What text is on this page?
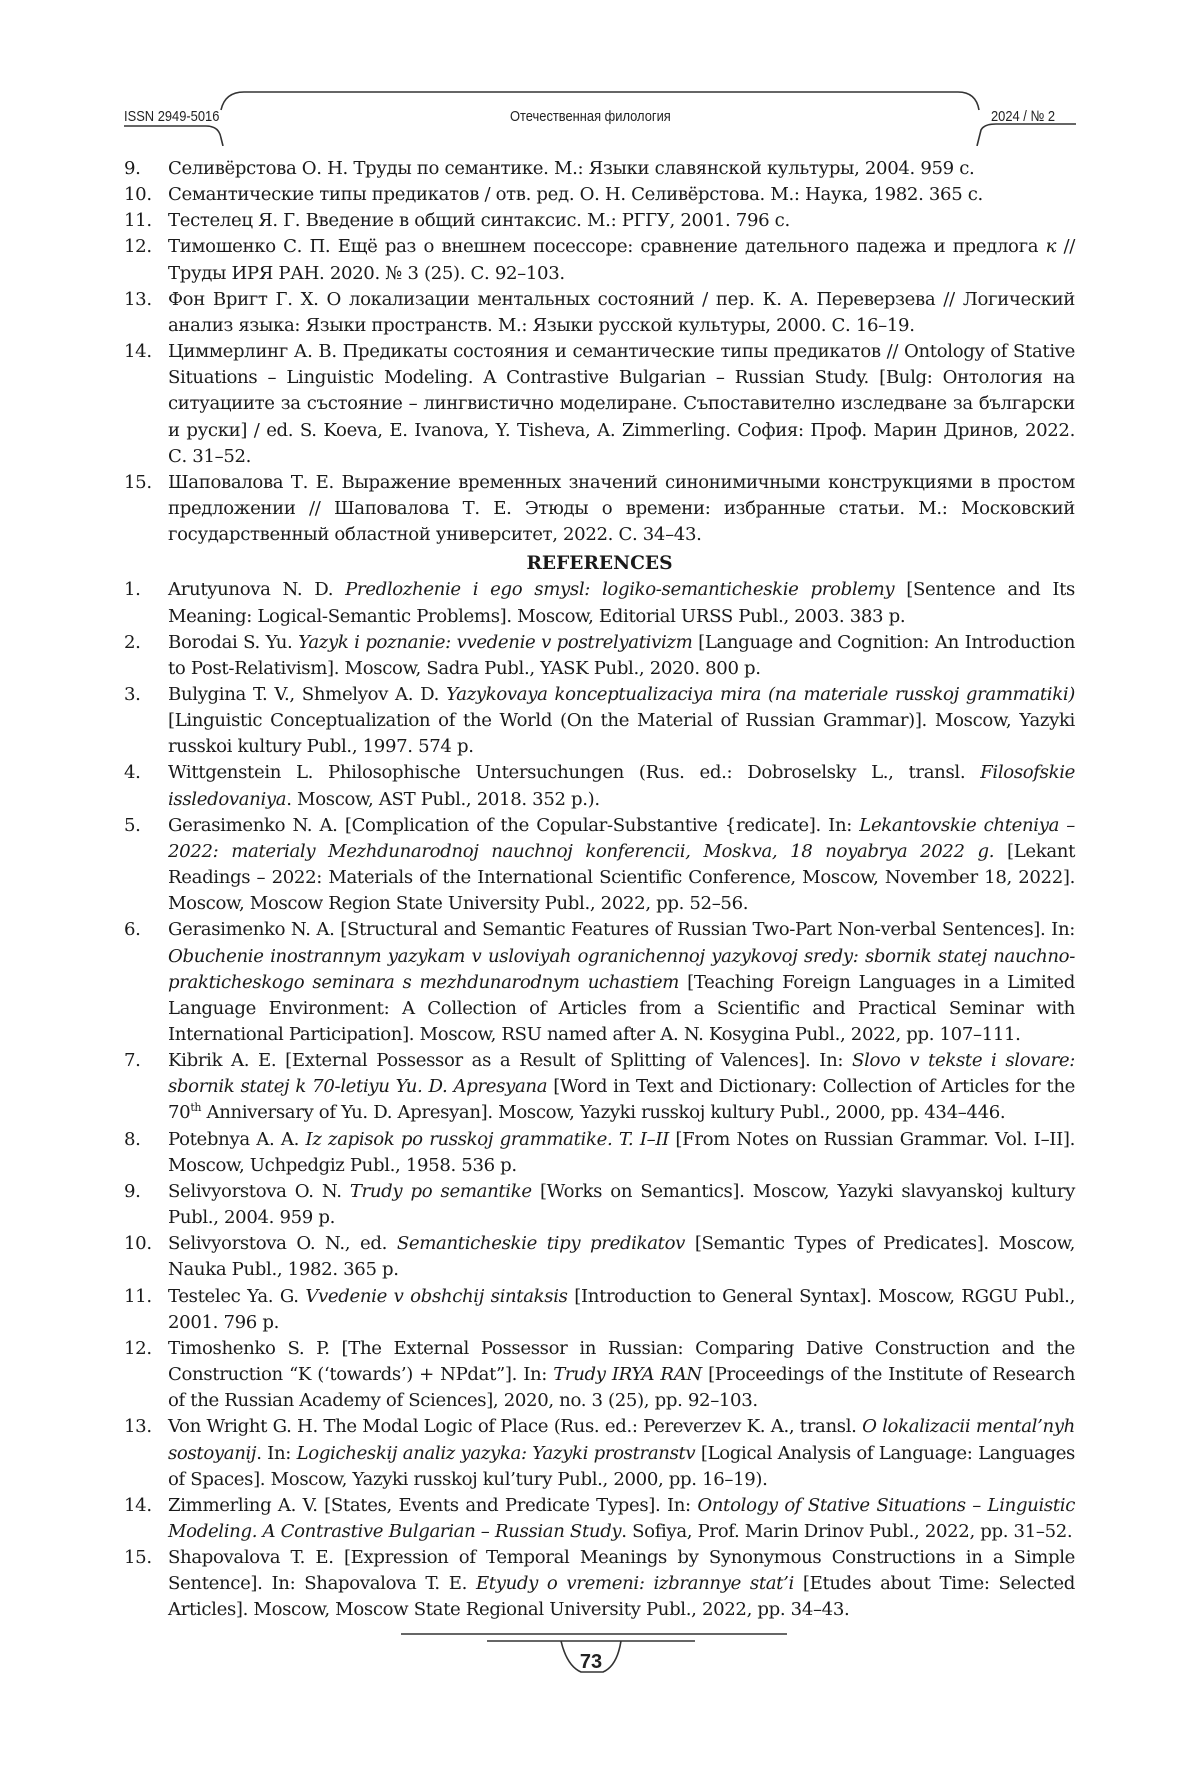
ISSN 2949-5016	Отечественная филология	2024 / № 2
9. Селивёрстова О. Н. Труды по семантике. М.: Языки славянской культуры, 2004. 959 с.
10. Семантические типы предикатов / отв. ред. О. Н. Селивёрстова. М.: Наука, 1982. 365 с.
11. Тестелец Я. Г. Введение в общий синтаксис. М.: РГГУ, 2001. 796 с.
12. Тимошенко С. П. Ещё раз о внешнем посессоре: сравнение дательного падежа и предлога к // Труды ИРЯ РАН. 2020. № 3 (25). С. 92–103.
13. Фон Вригт Г. Х. О локализации ментальных состояний / пер. К. А. Переверзева // Логический анализ языка: Языки пространств. М.: Языки русской культуры, 2000. С. 16–19.
14. Циммерлинг А. В. Предикаты состояния и семантические типы предикатов // Ontology of Stative Situations – Linguistic Modeling. A Contrastive Bulgarian – Russian Study. [Bulg: Онтология на ситуациите за състояние – лингвистично моделиране. Съпоставително изследване за български и руски] / ed. S. Koeva, E. Ivanova, Y. Tisheva, A. Zimmerling. София: Проф. Марин Дринов, 2022. С. 31–52.
15. Шаповалова Т. Е. Выражение временных значений синонимичными конструкциями в простом предложении // Шаповалова Т. Е. Этюды о времени: избранные статьи. М.: Московский государственный областной университет, 2022. С. 34–43.
REFERENCES
1. Arutyunova N. D. Predlozhenie i ego smysl: logiko-semanticheskie problemy [Sentence and Its Meaning: Logical-Semantic Problems]. Moscow, Editorial URSS Publ., 2003. 383 p.
2. Borodai S. Yu. Yazyk i poznanie: vvedenie v postrelyativizm [Language and Cognition: An Introduction to Post-Relativism]. Moscow, Sadra Publ., YASK Publ., 2020. 800 p.
3. Bulygina T. V., Shmelyov A. D. Yazykovaya konceptualizaciya mira (na materiale russkoj grammatiki) [Linguistic Conceptualization of the World (On the Material of Russian Grammar)]. Moscow, Yazyki russkoi kultury Publ., 1997. 574 p.
4. Wittgenstein L. Philosophische Untersuchungen (Rus. ed.: Dobroselsky L., transl. Filosofskie issledovaniya. Moscow, AST Publ., 2018. 352 p.).
5. Gerasimenko N. A. [Complication of the Copular-Substantive {redicate]. In: Lekantovskie chteniya – 2022: materialy Mezhdunarodnoj nauchnoj konferencii, Moskva, 18 noyabrya 2022 g. [Lekant Readings – 2022: Materials of the International Scientific Conference, Moscow, November 18, 2022]. Moscow, Moscow Region State University Publ., 2022, pp. 52–56.
6. Gerasimenko N. A. [Structural and Semantic Features of Russian Two-Part Non-verbal Sentences]. In: Obuchenie inostrannym yazykam v usloviyah ogranichennoj yazykovoj sredy: sbornik statej nauchno-prakticheskogo seminara s mezhdunarodnym uchastiem [Teaching Foreign Languages in a Limited Language Environment: A Collection of Articles from a Scientific and Practical Seminar with International Participation]. Moscow, RSU named after A. N. Kosygina Publ., 2022, pp. 107–111.
7. Kibrik A. E. [External Possessor as a Result of Splitting of Valences]. In: Slovo v tekste i slovare: sbornik statej k 70-letiyu Yu. D. Apresyana [Word in Text and Dictionary: Collection of Articles for the 70th Anniversary of Yu. D. Apresyan]. Moscow, Yazyki russkoj kultury Publ., 2000, pp. 434–446.
8. Potebnya A. A. Iz zapisok po russkoj grammatike. T. I–II [From Notes on Russian Grammar. Vol. I–II]. Moscow, Uchpedgiz Publ., 1958. 536 p.
9. Selivyorstova O. N. Trudy po semantike [Works on Semantics]. Moscow, Yazyki slavyanskoj kultury Publ., 2004. 959 p.
10. Selivyorstova O. N., ed. Semanticheskie tipy predikatov [Semantic Types of Predicates]. Moscow, Nauka Publ., 1982. 365 p.
11. Testelec Ya. G. Vvedenie v obshchij sintaksis [Introduction to General Syntax]. Moscow, RGGU Publ., 2001. 796 p.
12. Timoshenko S. P. [The External Possessor in Russian: Comparing Dative Construction and the Construction “K (‘towards’) + NPdat”]. In: Trudy IRYA RAN [Proceedings of the Institute of Research of the Russian Academy of Sciences], 2020, no. 3 (25), pp. 92–103.
13. Von Wright G. H. The Modal Logic of Place (Rus. ed.: Pereverzev K. A., transl. O lokalizacii mental’nyh sostoyanij. In: Logicheskij analiz yazyka: Yazyki prostranstv [Logical Analysis of Language: Languages of Spaces]. Moscow, Yazyki russkoj kul’tury Publ., 2000, pp. 16–19).
14. Zimmerling A. V. [States, Events and Predicate Types]. In: Ontology of Stative Situations – Linguistic Modeling. A Contrastive Bulgarian – Russian Study. Sofiya, Prof. Marin Drinov Publ., 2022, pp. 31–52.
15. Shapovalova T. E. [Expression of Temporal Meanings by Synonymous Constructions in a Simple Sentence]. In: Shapovalova T. E. Etyudy o vremeni: izbrannye stat’i [Etudes about Time: Selected Articles]. Moscow, Moscow State Regional University Publ., 2022, pp. 34–43.
73
